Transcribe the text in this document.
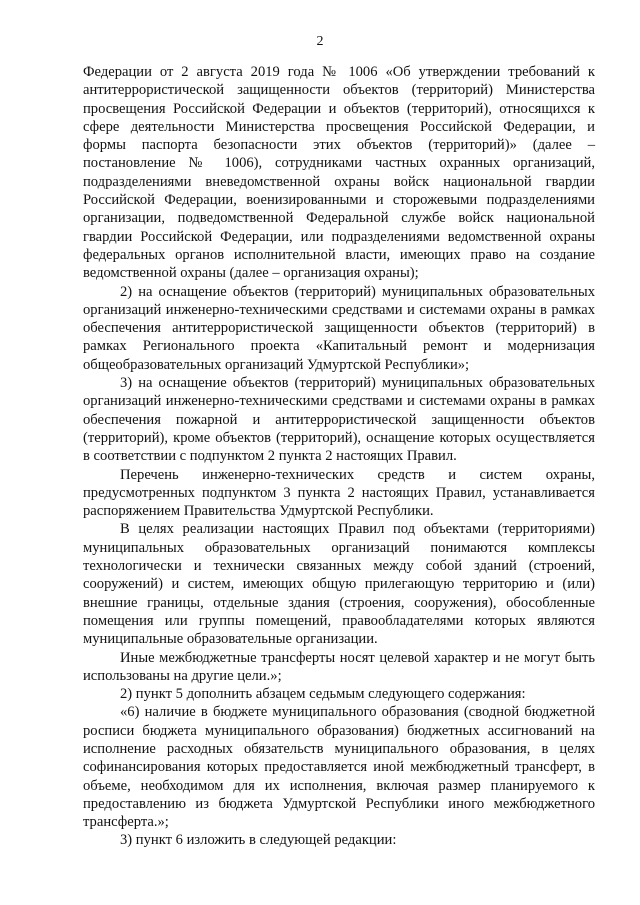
2

Федерации от 2 августа 2019 года № 1006 «Об утверждении требований к антитеррористической защищенности объектов (территорий) Министерства просвещения Российской Федерации и объектов (территорий), относящихся к сфере деятельности Министерства просвещения Российской Федерации, и формы паспорта безопасности этих объектов (территорий)» (далее – постановление № 1006), сотрудниками частных охранных организаций, подразделениями вневедомственной охраны войск национальной гвардии Российской Федерации, военизированными и сторожевыми подразделениями организации, подведомственной Федеральной службе войск национальной гвардии Российской Федерации, или подразделениями ведомственной охраны федеральных органов исполнительной власти, имеющих право на создание ведомственной охраны (далее – организация охраны);

2) на оснащение объектов (территорий) муниципальных образовательных организаций инженерно-техническими средствами и системами охраны в рамках обеспечения антитеррористической защищенности объектов (территорий) в рамках Регионального проекта «Капитальный ремонт и модернизация общеобразовательных организаций Удмуртской Республики»;

3) на оснащение объектов (территорий) муниципальных образовательных организаций инженерно-техническими средствами и системами охраны в рамках обеспечения пожарной и антитеррористической защищенности объектов (территорий), кроме объектов (территорий), оснащение которых осуществляется в соответствии с подпунктом 2 пункта 2 настоящих Правил.

Перечень инженерно-технических средств и систем охраны, предусмотренных подпунктом 3 пункта 2 настоящих Правил, устанавливается распоряжением Правительства Удмуртской Республики.

В целях реализации настоящих Правил под объектами (территориями) муниципальных образовательных организаций понимаются комплексы технологически и технически связанных между собой зданий (строений, сооружений) и систем, имеющих общую прилегающую территорию и (или) внешние границы, отдельные здания (строения, сооружения), обособленные помещения или группы помещений, правообладателями которых являются муниципальные образовательные организации.

Иные межбюджетные трансферты носят целевой характер и не могут быть использованы на другие цели.»;

2) пункт 5 дополнить абзацем седьмым следующего содержания:

«6) наличие в бюджете муниципального образования (сводной бюджетной росписи бюджета муниципального образования) бюджетных ассигнований на исполнение расходных обязательств муниципального образования, в целях софинансирования которых предоставляется иной межбюджетный трансферт, в объеме, необходимом для их исполнения, включая размер планируемого к предоставлению из бюджета Удмуртской Республики иного межбюджетного трансферта.»;

3) пункт 6 изложить в следующей редакции:
